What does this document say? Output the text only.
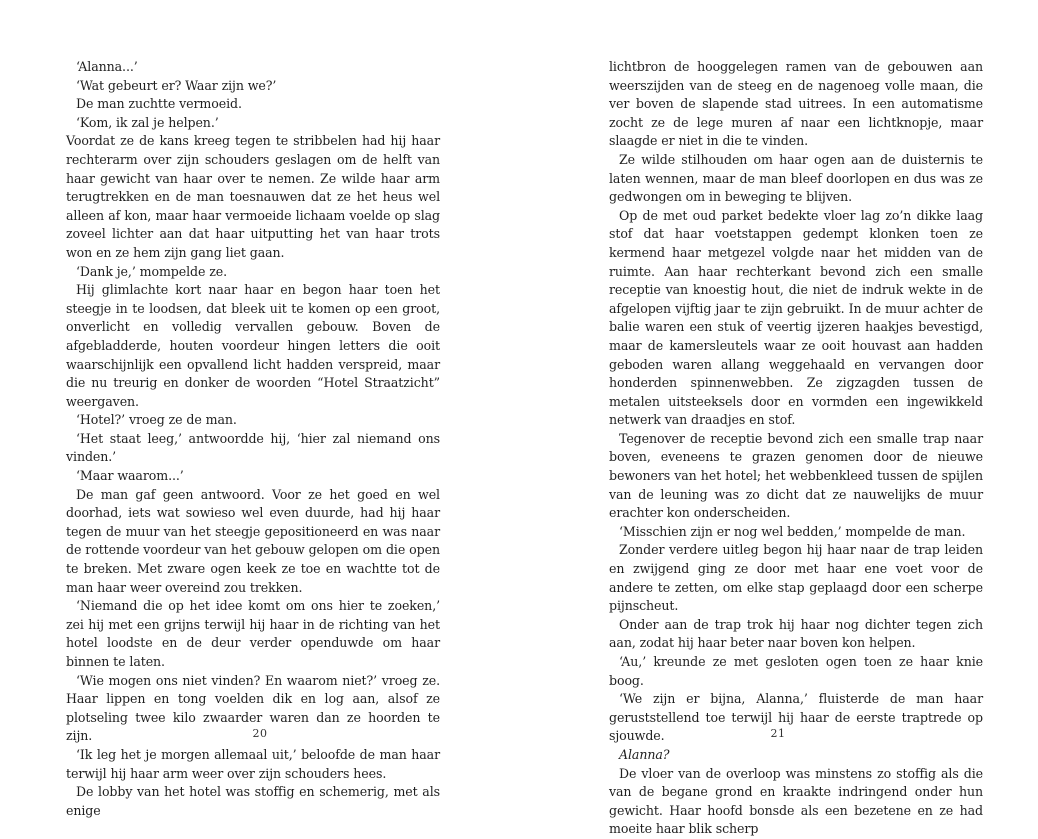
‘Alanna...’

‘Wat gebeurt er? Waar zijn we?’

De man zuchtte vermoeid.

‘Kom, ik zal je helpen.’

Voordat ze de kans kreeg tegen te stribbelen had hij haar rechterarm over zijn schouders geslagen om de helft van haar gewicht van haar over te nemen. Ze wilde haar arm terugtrekken en de man toesnauwen dat ze het heus wel alleen af kon, maar haar vermoeide lichaam voelde op slag zoveel lichter aan dat haar uitputting het van haar trots won en ze hem zijn gang liet gaan.

‘Dank je,’ mompelde ze.

Hij glimlachte kort naar haar en begon haar toen het steegje in te loodsen, dat bleek uit te komen op een groot, onverlicht en volledig vervallen gebouw. Boven de afgebladderde, houten voordeur hingen letters die ooit waarschijnlijk een opvallend licht hadden verspreid, maar die nu treurig en donker de woorden “Hotel Straatzicht” weergaven.

‘Hotel?’ vroeg ze de man.

‘Het staat leeg,’ antwoordde hij, ‘hier zal niemand ons vinden.’

‘Maar waarom...’

De man gaf geen antwoord. Voor ze het goed en wel doorhad, iets wat sowieso wel even duurde, had hij haar tegen de muur van het steegje gepositioneerd en was naar de rottende voordeur van het gebouw gelopen om die open te breken. Met zware ogen keek ze toe en wachtte tot de man haar weer overeind zou trekken.

‘Niemand die op het idee komt om ons hier te zoeken,’ zei hij met een grijns terwijl hij haar in de richting van het hotel loodste en de deur verder openduwde om haar binnen te laten.

‘Wie mogen ons niet vinden? En waarom niet?’ vroeg ze. Haar lippen en tong voelden dik en log aan, alsof ze plotseling twee kilo zwaarder waren dan ze hoorden te zijn.

‘Ik leg het je morgen allemaal uit,’ beloofde de man haar terwijl hij haar arm weer over zijn schouders hees.

De lobby van het hotel was stoffig en schemerig, met als enige

20

lichtbron de hooggelegen ramen van de gebouwen aan weerszijden van de steeg en de nagenoeg volle maan, die ver boven de slapende stad uitrees. In een automatisme zocht ze de lege muren af naar een lichtknopje, maar slaagde er niet in die te vinden.

Ze wilde stilhouden om haar ogen aan de duisternis te laten wennen, maar de man bleef doorlopen en dus was ze gedwongen om in beweging te blijven.

Op de met oud parket bedekte vloer lag zo’n dikke laag stof dat haar voetstappen gedempt klonken toen ze kermend haar metgezel volgde naar het midden van de ruimte. Aan haar rechterkant bevond zich een smalle receptie van knoestig hout, die niet de indruk wekte in de afgelopen vijftig jaar te zijn gebruikt. In de muur achter de balie waren een stuk of veertig ijzeren haakjes bevestigd, maar de kamersleutels waar ze ooit houvast aan hadden geboden waren allang weggehaald en vervangen door honderden spinnenwebben. Ze zigzagden tussen de metalen uitsteeksels door en vormden een ingewikkeld netwerk van draadjes en stof.

Tegenover de receptie bevond zich een smalle trap naar boven, eveneens te grazen genomen door de nieuwe bewoners van het hotel; het webbenkleed tussen de spijlen van de leuning was zo dicht dat ze nauwelijks de muur erachter kon onderscheiden.

‘Misschien zijn er nog wel bedden,’ mompelde de man.

Zonder verdere uitleg begon hij haar naar de trap leiden en zwijgend ging ze door met haar ene voet voor de andere te zetten, om elke stap geplaagd door een scherpe pijnscheut.

Onder aan de trap trok hij haar nog dichter tegen zich aan, zodat hij haar beter naar boven kon helpen.

‘Au,’ kreunde ze met gesloten ogen toen ze haar knie boog.

‘We zijn er bijna, Alanna,’ fluisterde de man haar geruststellend toe terwijl hij haar de eerste traptrede op sjouwde.

Alanna?

De vloer van de overloop was minstens zo stoffig als die van de begane grond en kraakte indringend onder hun gewicht. Haar hoofd bonsde als een bezetene en ze had moeite haar blik scherp

21
